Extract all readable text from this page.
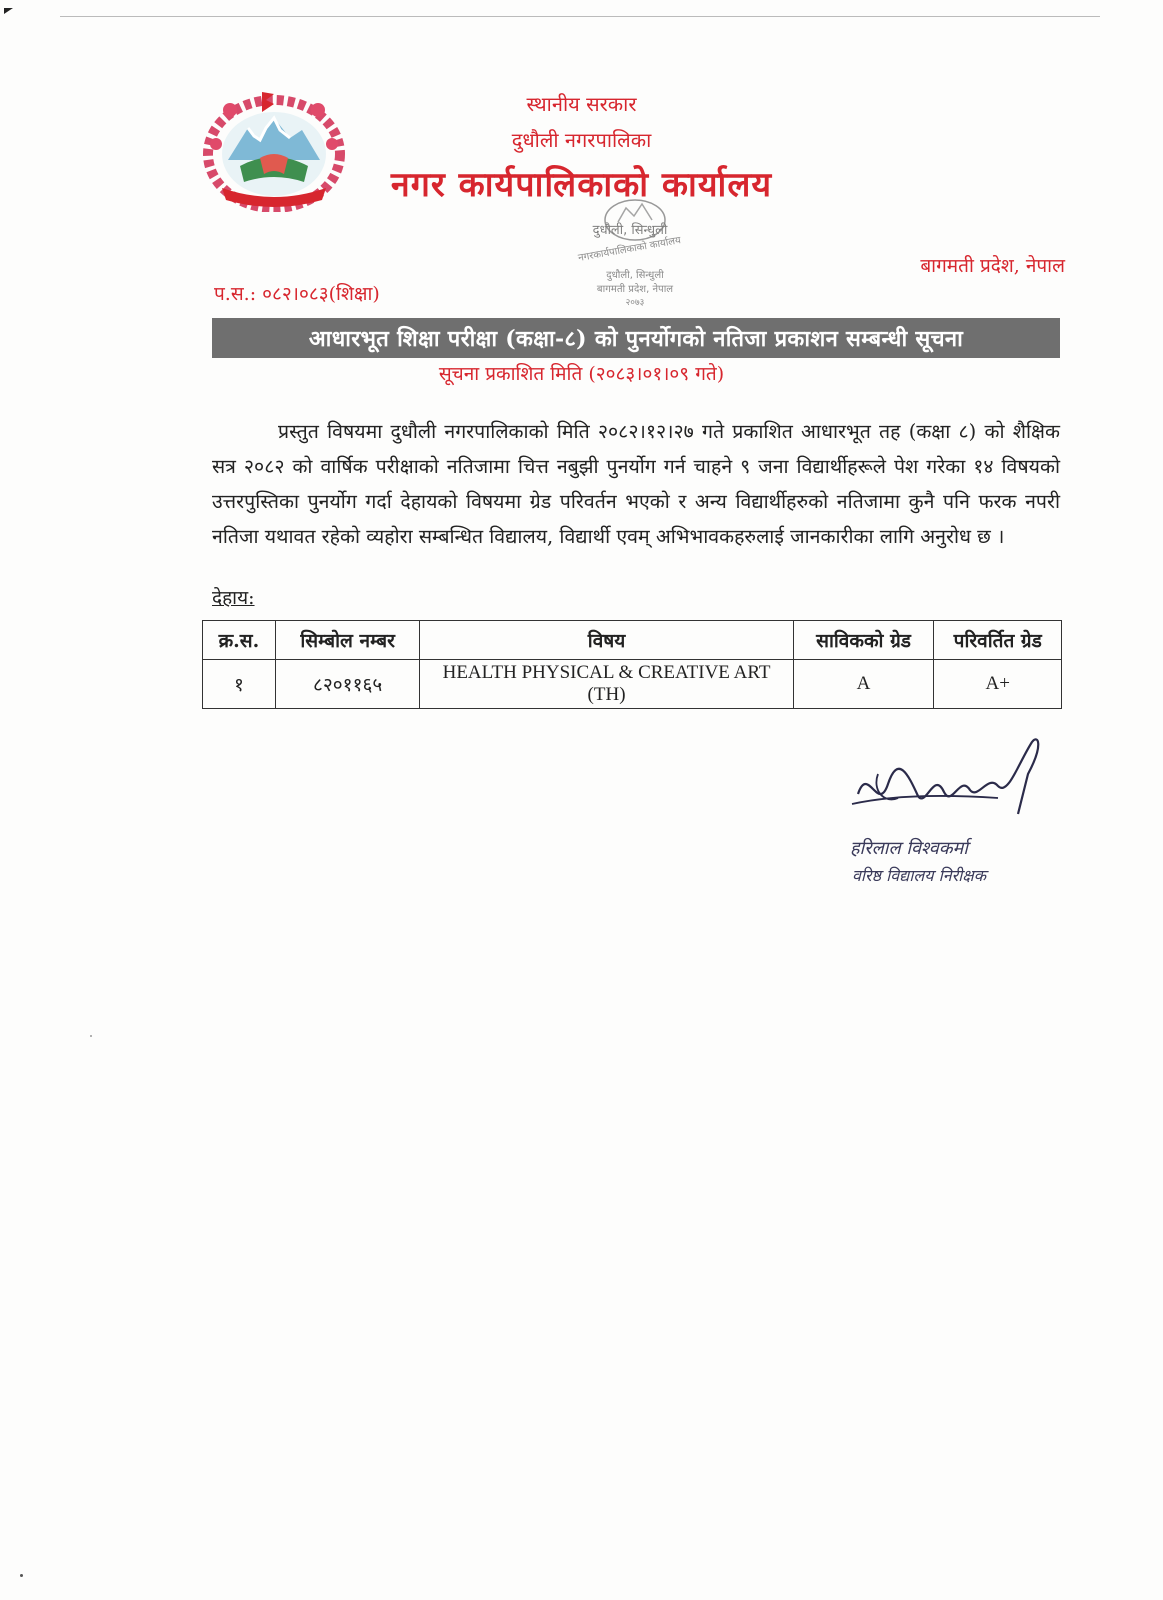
स्थानीय सरकार
दुधौली नगरपालिका
नगर कार्यपालिकाको कार्यालय
दुधौली, सिन्धुली
नगरकार्यपालिकाको कार्यालय
दुधौली, सिन्धुली
बागमती प्रदेश, नेपाल
२०७३
बागमती प्रदेश, नेपाल
प.स.: ०८२।०८३(शिक्षा)
आधारभूत शिक्षा परीक्षा (कक्षा-८) को पुनर्योगको नतिजा प्रकाशन सम्बन्धी सूचना
सूचना प्रकाशित मिति (२०८३।०१।०९ गते)

प्रस्तुत विषयमा दुधौली नगरपालिकाको मिति २०८२।१२।२७ गते प्रकाशित आधारभूत तह (कक्षा ८) को शैक्षिक सत्र २०८२ को वार्षिक परीक्षाको नतिजामा चित्त नबुझी पुनर्योग गर्न चाहने ९ जना विद्यार्थीहरूले पेश गरेका १४ विषयको उत्तरपुस्तिका पुनर्योग गर्दा देहायको विषयमा ग्रेड परिवर्तन भएको र अन्य विद्यार्थीहरुको नतिजामा कुनै पनि फरक नपरी नतिजा यथावत रहेको व्यहोरा सम्बन्धित विद्यालय, विद्यार्थी एवम् अभिभावकहरुलाई जानकारीका लागि अनुरोध छ ।

देहाय:
क्र.स.	सिम्बोल नम्बर	विषय	साविकको ग्रेड	परिवर्तित ग्रेड
१	८२०११६५	HEALTH PHYSICAL & CREATIVE ART (TH)	A	A+
हरिलाल विश्वकर्मा
वरिष्ठ विद्यालय निरीक्षक
